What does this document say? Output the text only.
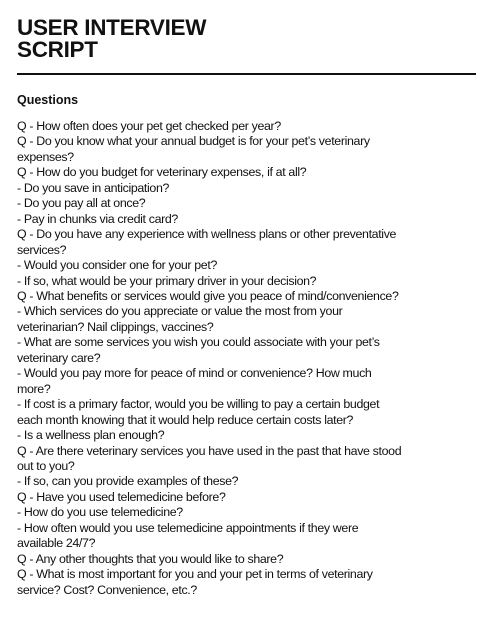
USER INTERVIEW
SCRIPT
Questions
Q - How often does your pet get checked per year?
Q - Do you know what your annual budget is for your pet’s veterinary
expenses?
Q - How do you budget for veterinary expenses, if at all?
- Do you save in anticipation?
- Do you pay all at once?
- Pay in chunks via credit card?
Q - Do you have any experience with wellness plans or other preventative
services?
- Would you consider one for your pet?
- If so, what would be your primary driver in your decision?
Q - What benefits or services would give you peace of mind/convenience?
- Which services do you appreciate or value the most from your
veterinarian? Nail clippings, vaccines?
- What are some services you wish you could associate with your pet’s
veterinary care?
- Would you pay more for peace of mind or convenience? How much
more?
- If cost is a primary factor, would you be willing to pay a certain budget
each month knowing that it would help reduce certain costs later?
- Is a wellness plan enough?
Q - Are there veterinary services you have used in the past that have stood
out to you?
- If so, can you provide examples of these?
Q - Have you used telemedicine before?
- How do you use telemedicine?
- How often would you use telemedicine appointments if they were
available 24/7?
Q - Any other thoughts that you would like to share?
Q - What is most important for you and your pet in terms of veterinary
service? Cost? Convenience, etc.?
